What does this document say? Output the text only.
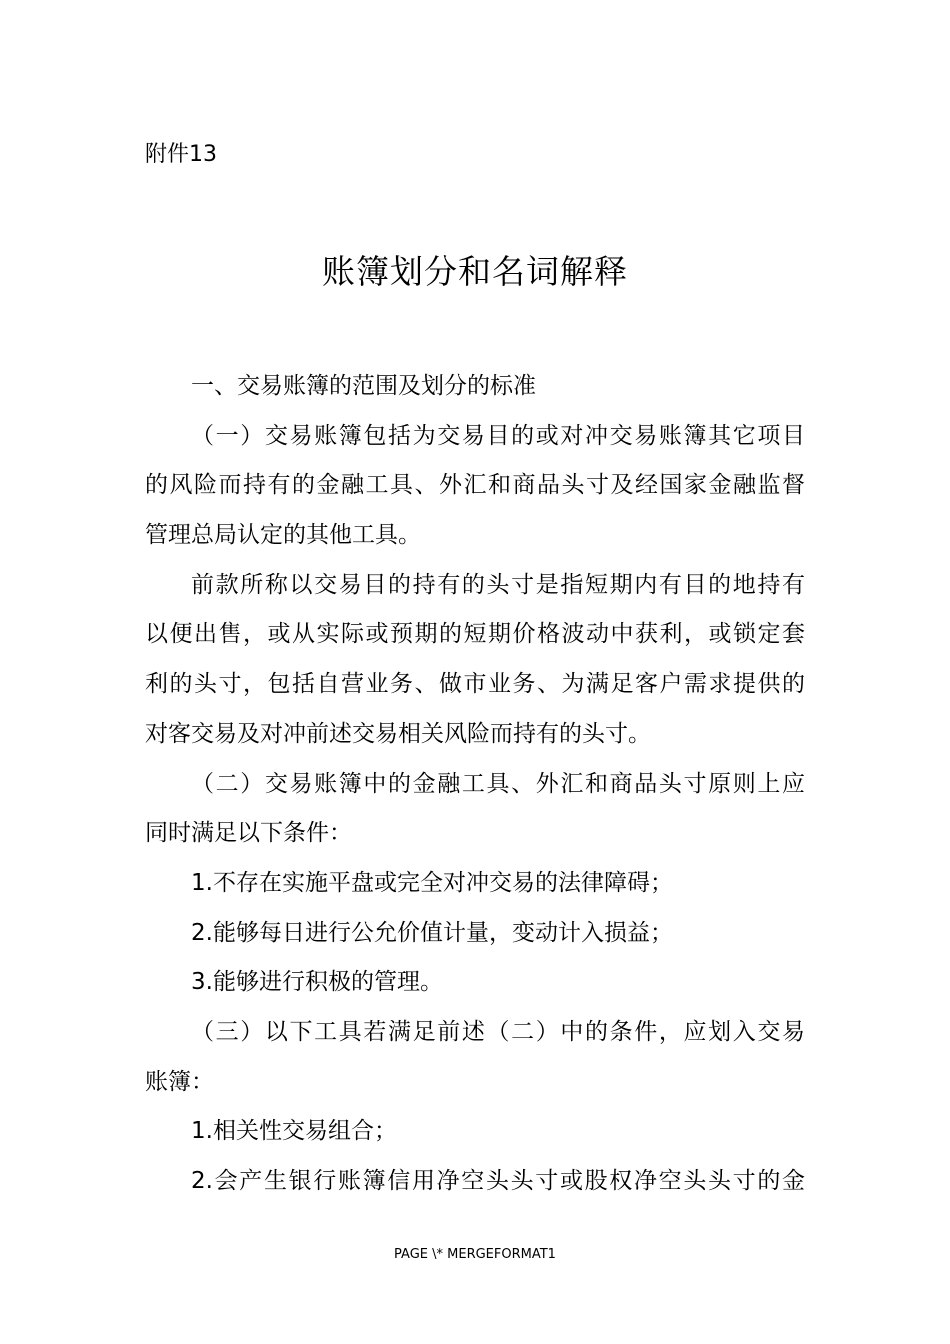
附件13
账簿划分和名词解释
一、交易账簿的范围及划分的标准
（一）交易账簿包括为交易目的或对冲交易账簿其它项目
的风险而持有的金融工具、外汇和商品头寸及经国家金融监督
管理总局认定的其他工具。
前款所称以交易目的持有的头寸是指短期内有目的地持有
以便出售，或从实际或预期的短期价格波动中获利，或锁定套
利的头寸，包括自营业务、做市业务、为满足客户需求提供的
对客交易及对冲前述交易相关风险而持有的头寸。
（二）交易账簿中的金融工具、外汇和商品头寸原则上应
同时满足以下条件：
1.不存在实施平盘或完全对冲交易的法律障碍；
2.能够每日进行公允价值计量，变动计入损益；
3.能够进行积极的管理。
（三）以下工具若满足前述（二）中的条件，应划入交易
账簿：
1.相关性交易组合；
2.会产生银行账簿信用净空头头寸或股权净空头头寸的金
PAGE \* MERGEFORMAT1
